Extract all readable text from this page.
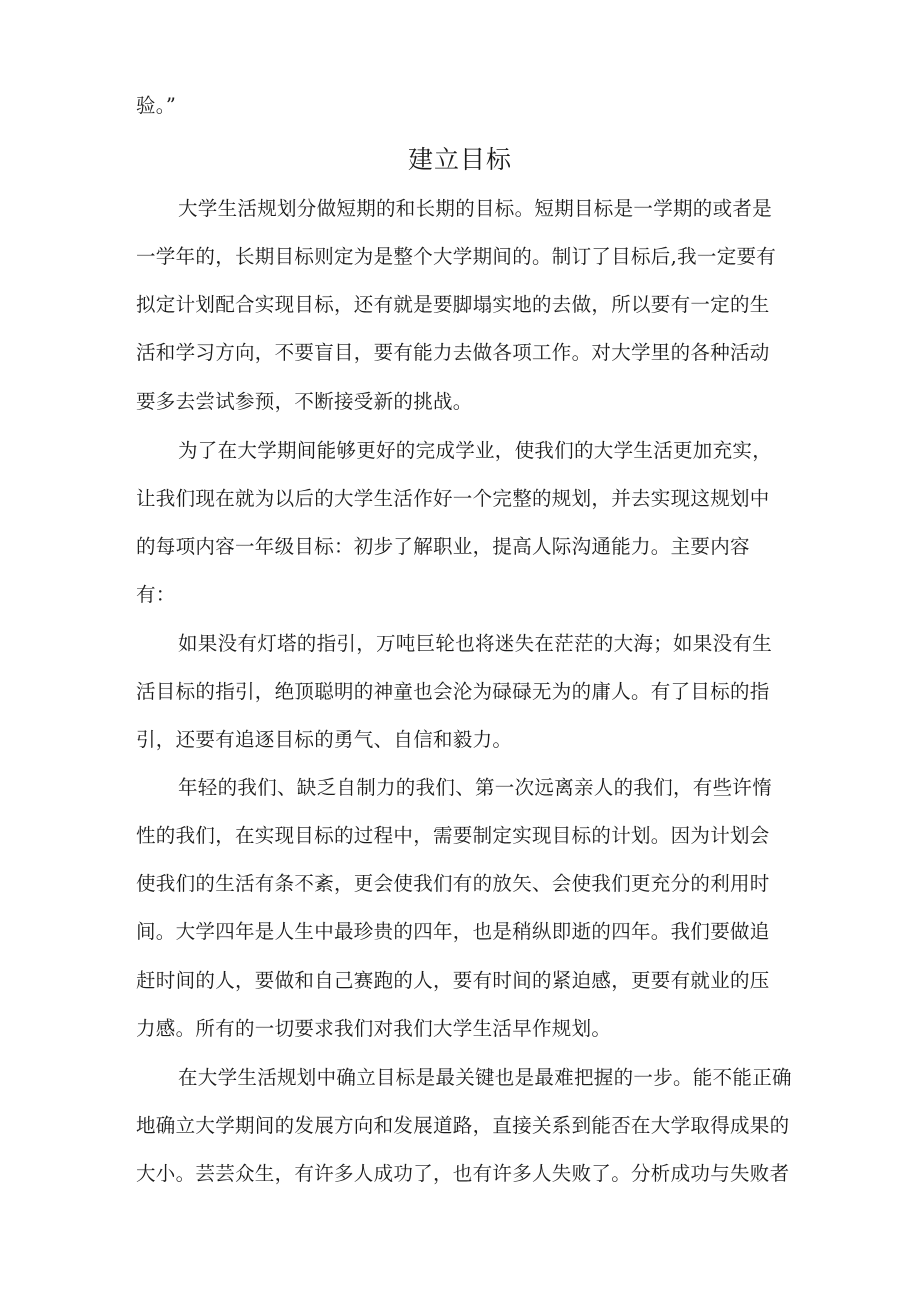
验。”
建立目标
大学生活规划分做短期的和长期的目标。短期目标是一学期的或者是
一学年的，长期目标则定为是整个大学期间的。制订了目标后,我一定要有
拟定计划配合实现目标，还有就是要脚塌实地的去做，所以要有一定的生
活和学习方向，不要盲目，要有能力去做各项工作。对大学里的各种活动
要多去尝试参预，不断接受新的挑战。
为了在大学期间能够更好的完成学业，使我们的大学生活更加充实，
让我们现在就为以后的大学生活作好一个完整的规划，并去实现这规划中
的每项内容一年级目标：初步了解职业，提高人际沟通能力。主要内容
有：
如果没有灯塔的指引，万吨巨轮也将迷失在茫茫的大海；如果没有生
活目标的指引，绝顶聪明的神童也会沦为碌碌无为的庸人。有了目标的指
引，还要有追逐目标的勇气、自信和毅力。
年轻的我们、缺乏自制力的我们、第一次远离亲人的我们，有些许惰
性的我们，在实现目标的过程中，需要制定实现目标的计划。因为计划会
使我们的生活有条不紊，更会使我们有的放矢、会使我们更充分的利用时
间。大学四年是人生中最珍贵的四年，也是稍纵即逝的四年。我们要做追
赶时间的人，要做和自己赛跑的人，要有时间的紧迫感，更要有就业的压
力感。所有的一切要求我们对我们大学生活早作规划。
在大学生活规划中确立目标是最关键也是最难把握的一步。能不能正确
地确立大学期间的发展方向和发展道路，直接关系到能否在大学取得成果的
大小。芸芸众生，有许多人成功了，也有许多人失败了。分析成功与失败者
